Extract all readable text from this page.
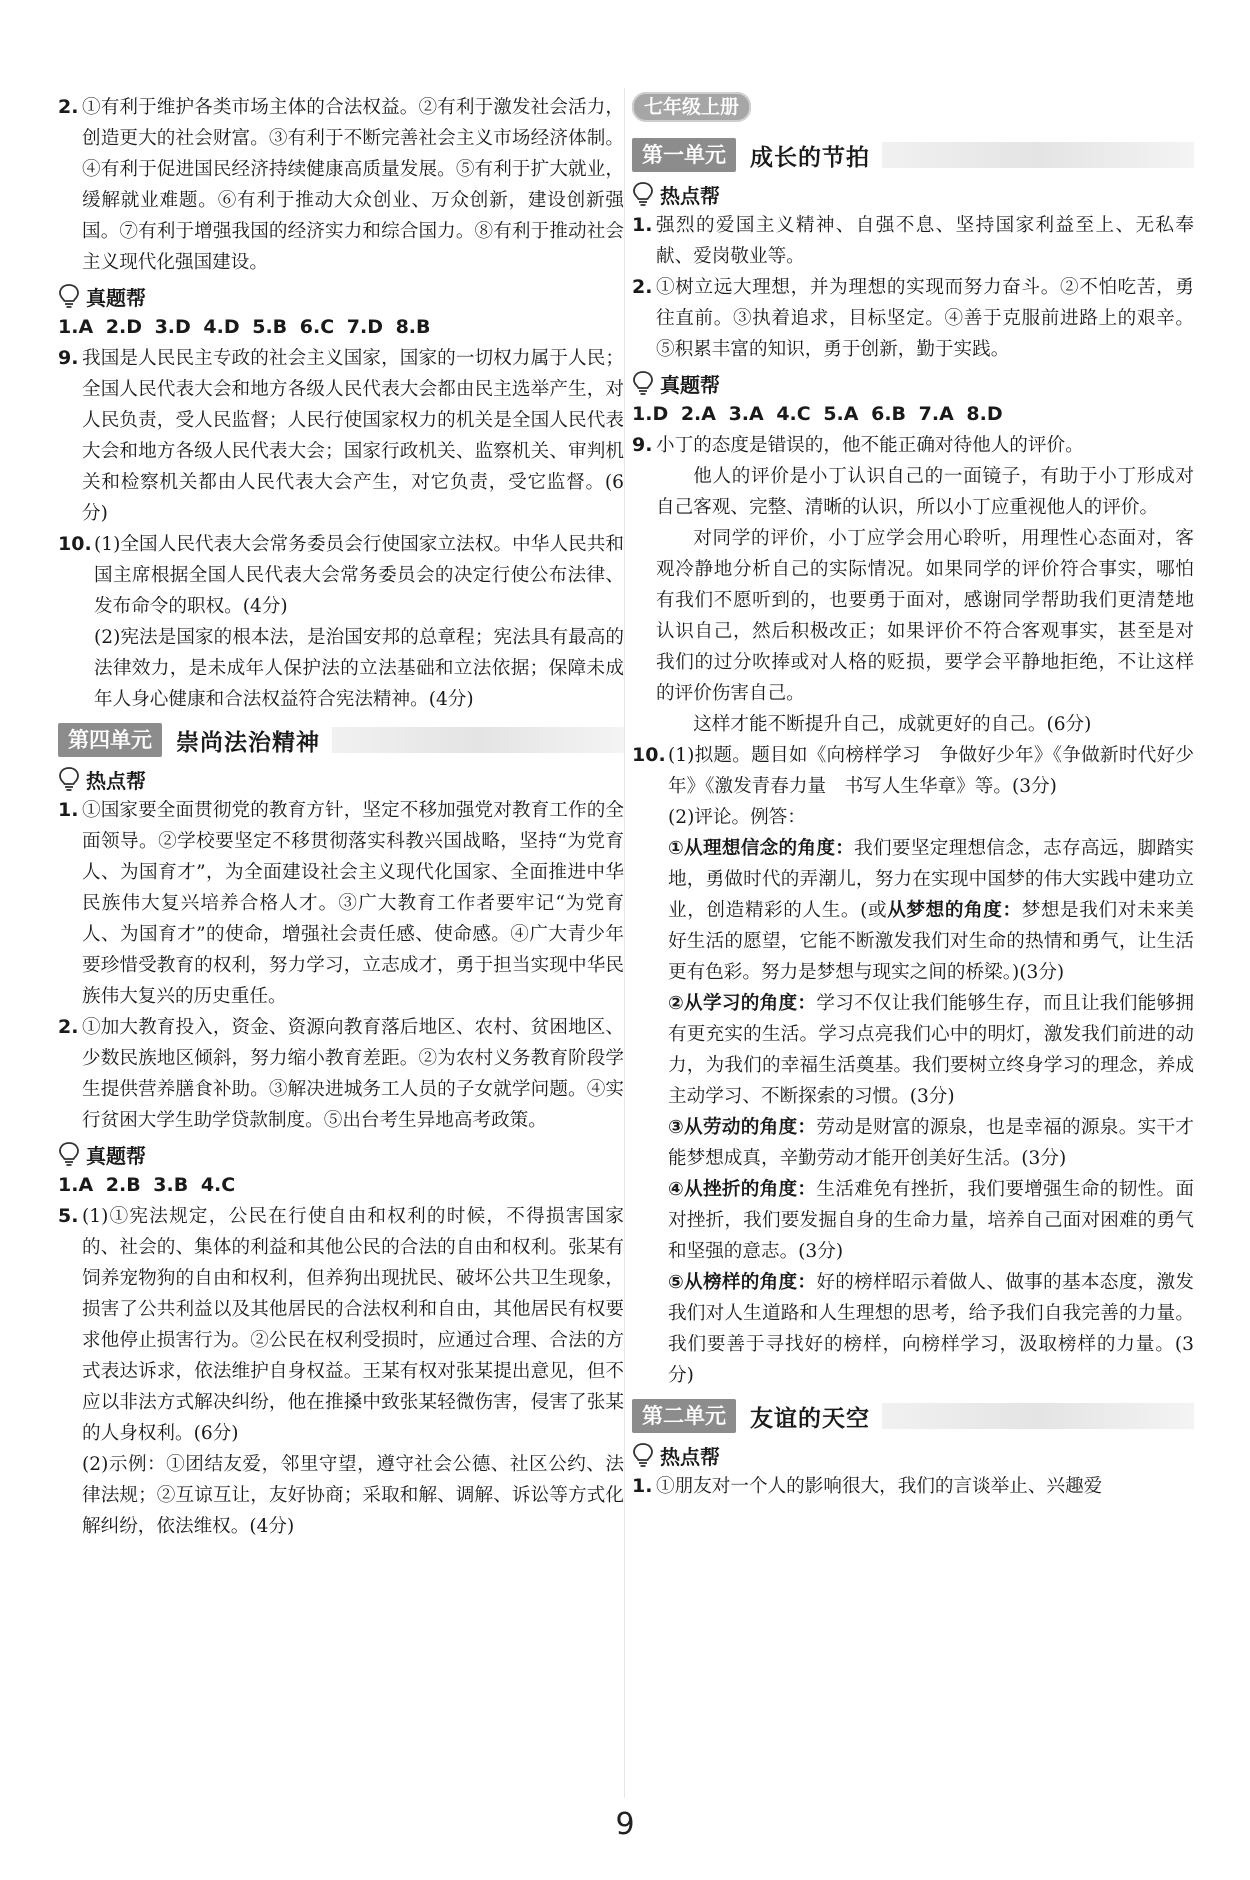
2. ①有利于维护各类市场主体的合法权益。②有利于激发社会活力，创造更大的社会财富。③有利于不断完善社会主义市场经济体制。④有利于促进国民经济持续健康高质量发展。⑤有利于扩大就业，缓解就业难题。⑥有利于推动大众创业、万众创新，建设创新强国。⑦有利于增强我国的经济实力和综合国力。⑧有利于推动社会主义现代化强国建设。

真题帮

1.A 2.D 3.D 4.D 5.B 6.C 7.D 8.B

9. 我国是人民民主专政的社会主义国家，国家的一切权力属于人民；全国人民代表大会和地方各级人民代表大会都由民主选举产生，对人民负责，受人民监督；人民行使国家权力的机关是全国人民代表大会和地方各级人民代表大会；国家行政机关、监察机关、审判机关和检察机关都由人民代表大会产生，对它负责，受它监督。(6分)

10. (1)全国人民代表大会常务委员会行使国家立法权。中华人民共和国主席根据全国人民代表大会常务委员会的决定行使公布法律、发布命令的职权。(4分)

(2)宪法是国家的根本法，是治国安邦的总章程；宪法具有最高的法律效力，是未成年人保护法的立法基础和立法依据；保障未成年人身心健康和合法权益符合宪法精神。(4分)

第四单元	崇尚法治精神
热点帮
1. ①国家要全面贯彻党的教育方针，坚定不移加强党对教育工作的全面领导。②学校要坚定不移贯彻落实科教兴国战略，坚持“为党育人、为国育才”，为全面建设社会主义现代化国家、全面推进中华民族伟大复兴培养合格人才。③广大教育工作者要牢记“为党育人、为国育才”的使命，增强社会责任感、使命感。④广大青少年要珍惜受教育的权利，努力学习，立志成才，勇于担当实现中华民族伟大复兴的历史重任。

2. ①加大教育投入，资金、资源向教育落后地区、农村、贫困地区、少数民族地区倾斜，努力缩小教育差距。②为农村义务教育阶段学生提供营养膳食补助。③解决进城务工人员的子女就学问题。④实行贫困大学生助学贷款制度。⑤出台考生异地高考政策。

真题帮

1.A 2.B 3.B 4.C

5. (1)①宪法规定，公民在行使自由和权利的时候，不得损害国家的、社会的、集体的利益和其他公民的合法的自由和权利。张某有饲养宠物狗的自由和权利，但养狗出现扰民、破坏公共卫生现象，损害了公共利益以及其他居民的合法权利和自由，其他居民有权要求他停止损害行为。②公民在权利受损时，应通过合理、合法的方式表达诉求，依法维护自身权益。王某有权对张某提出意见，但不应以非法方式解决纠纷，他在推搡中致张某轻微伤害，侵害了张某的人身权利。(6分)

(2)示例：①团结友爱，邻里守望，遵守社会公德、社区公约、法律法规；②互谅互让，友好协商；采取和解、调解、诉讼等方式化解纠纷，依法维权。(4分)

七年级上册
第一单元	成长的节拍
热点帮
1. 强烈的爱国主义精神、自强不息、坚持国家利益至上、无私奉献、爱岗敬业等。

2. ①树立远大理想，并为理想的实现而努力奋斗。②不怕吃苦，勇往直前。③执着追求，目标坚定。④善于克服前进路上的艰辛。⑤积累丰富的知识，勇于创新，勤于实践。

真题帮

1.D 2.A 3.A 4.C 5.A 6.B 7.A 8.D

9. 小丁的态度是错误的，他不能正确对待他人的评价。

他人的评价是小丁认识自己的一面镜子，有助于小丁形成对自己客观、完整、清晰的认识，所以小丁应重视他人的评价。

对同学的评价，小丁应学会用心聆听，用理性心态面对，客观冷静地分析自己的实际情况。如果同学的评价符合事实，哪怕有我们不愿听到的，也要勇于面对，感谢同学帮助我们更清楚地认识自己，然后积极改正；如果评价不符合客观事实，甚至是对我们的过分吹捧或对人格的贬损，要学会平静地拒绝，不让这样的评价伤害自己。

这样才能不断提升自己，成就更好的自己。(6分)

10. (1)拟题。题目如《向榜样学习　争做好少年》《争做新时代好少年》《激发青春力量　书写人生华章》等。(3分)

(2)评论。例答：

①从理想信念的角度：我们要坚定理想信念，志存高远，脚踏实地，勇做时代的弄潮儿，努力在实现中国梦的伟大实践中建功立业，创造精彩的人生。(或从梦想的角度：梦想是我们对未来美好生活的愿望，它能不断激发我们对生命的热情和勇气，让生活更有色彩。努力是梦想与现实之间的桥梁。)(3分)

②从学习的角度：学习不仅让我们能够生存，而且让我们能够拥有更充实的生活。学习点亮我们心中的明灯，激发我们前进的动力，为我们的幸福生活奠基。我们要树立终身学习的理念，养成主动学习、不断探索的习惯。(3分)

③从劳动的角度：劳动是财富的源泉，也是幸福的源泉。实干才能梦想成真，辛勤劳动才能开创美好生活。(3分)

④从挫折的角度：生活难免有挫折，我们要增强生命的韧性。面对挫折，我们要发掘自身的生命力量，培养自己面对困难的勇气和坚强的意志。(3分)

⑤从榜样的角度：好的榜样昭示着做人、做事的基本态度，激发我们对人生道路和人生理想的思考，给予我们自我完善的力量。我们要善于寻找好的榜样，向榜样学习，汲取榜样的力量。(3分)

第二单元	友谊的天空
热点帮
1. ①朋友对一个人的影响很大，我们的言谈举止、兴趣爱

9
